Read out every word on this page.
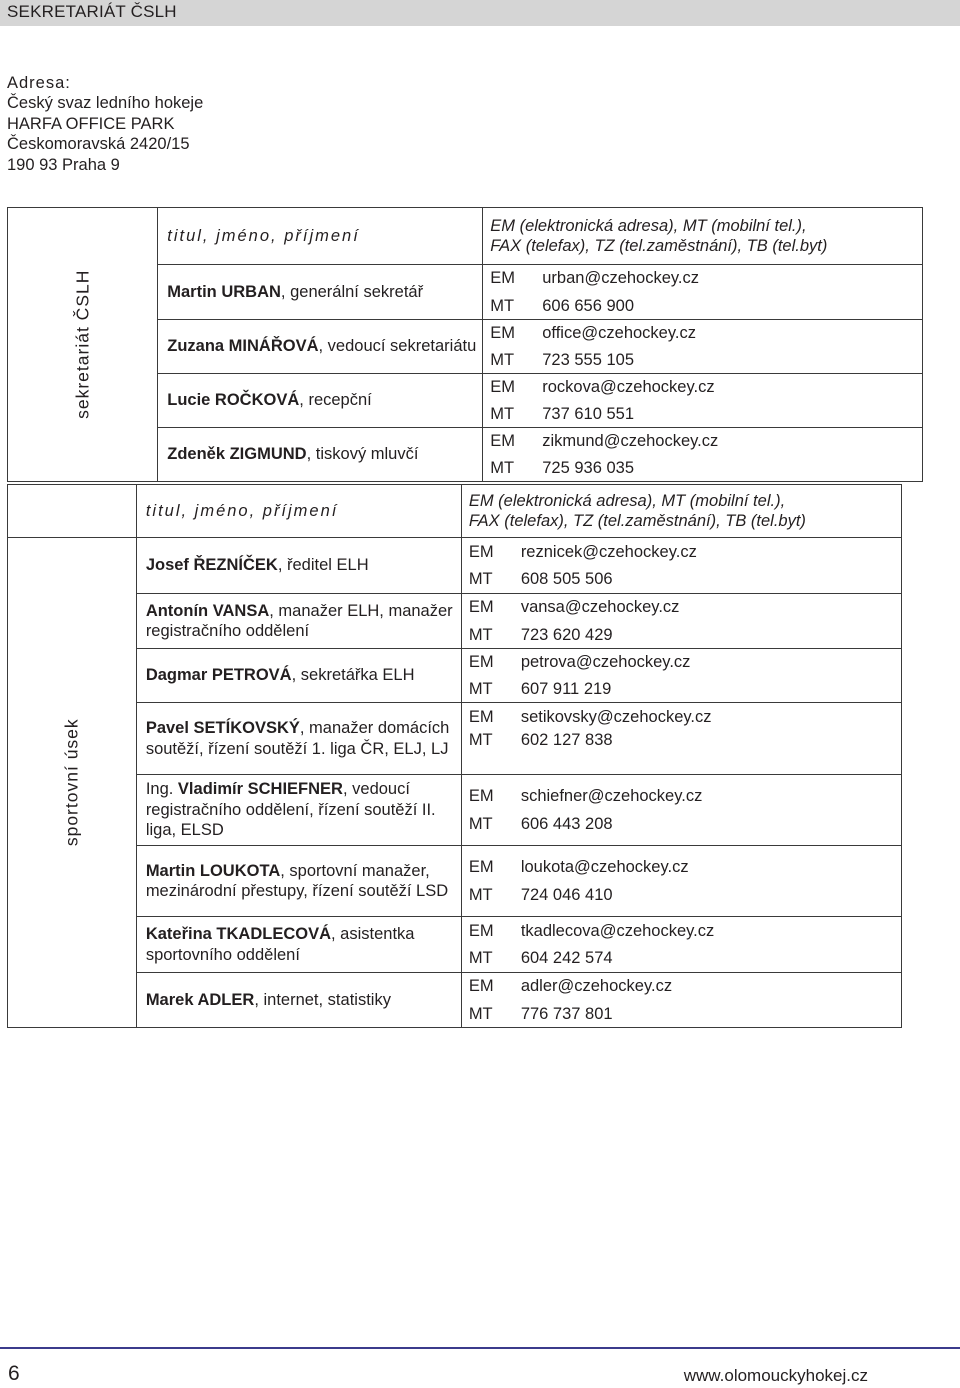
SEKRETARIÁT ČSLH
Adresa:
Český svaz ledního hokeje
HARFA OFFICE PARK
Českomoravská 2420/15
190 93 Praha 9
sekretariát ČSLH	titul, jméno, příjmení	EM (elektronická adresa), MT (mobilní tel.),
FAX (telefax), TZ (tel.zaměstnání), TB (tel.byt)

	Martin URBAN, generální sekretář	EM urban@czehockey.cz
MT 606 656 900

	Zuzana MINÁŘOVÁ, vedoucí sekretariátu	EM office@czehockey.cz
MT 723 555 105

	Lucie ROČKOVÁ, recepční	EM rockova@czehockey.cz
MT 737 610 551

	Zdeněk ZIGMUND, tiskový mluvčí	EM zikmund@czehockey.cz
MT 725 936 035
	titul, jméno, příjmení	EM (elektronická adresa), MT (mobilní tel.),
FAX (telefax), TZ (tel.zaměstnání), TB (tel.byt)

sportovní úsek	Josef ŘEZNÍČEK, ředitel ELH	EM reznicek@czehockey.cz
MT 608 505 506

	Antonín VANSA, manažer ELH, manažer registračního oddělení	EM vansa@czehockey.cz
MT 723 620 429

	Dagmar PETROVÁ, sekretářka ELH	EM petrova@czehockey.cz
MT 607 911 219

	Pavel SETÍKOVSKÝ, manažer domácích soutěží, řízení soutěží 1. liga ČR, ELJ, LJ	EM setikovsky@czehockey.cz
MT 602 127 838

	Ing. Vladimír SCHIEFNER, vedoucí registračního oddělení, řízení soutěží II. liga, ELSD	EM schiefner@czehockey.cz
MT 606 443 208

	Martin LOUKOTA, sportovní manažer, mezinárodní přestupy, řízení soutěží LSD	EM loukota@czehockey.cz
MT 724 046 410

	Kateřina TKADLECOVÁ, asistentka sportovního oddělení	EM tkadlecova@czehockey.cz
MT 604 242 574

	Marek ADLER, internet, statistiky	EM adler@czehockey.cz
MT 776 737 801
6	www.olomouckyhokej.cz
